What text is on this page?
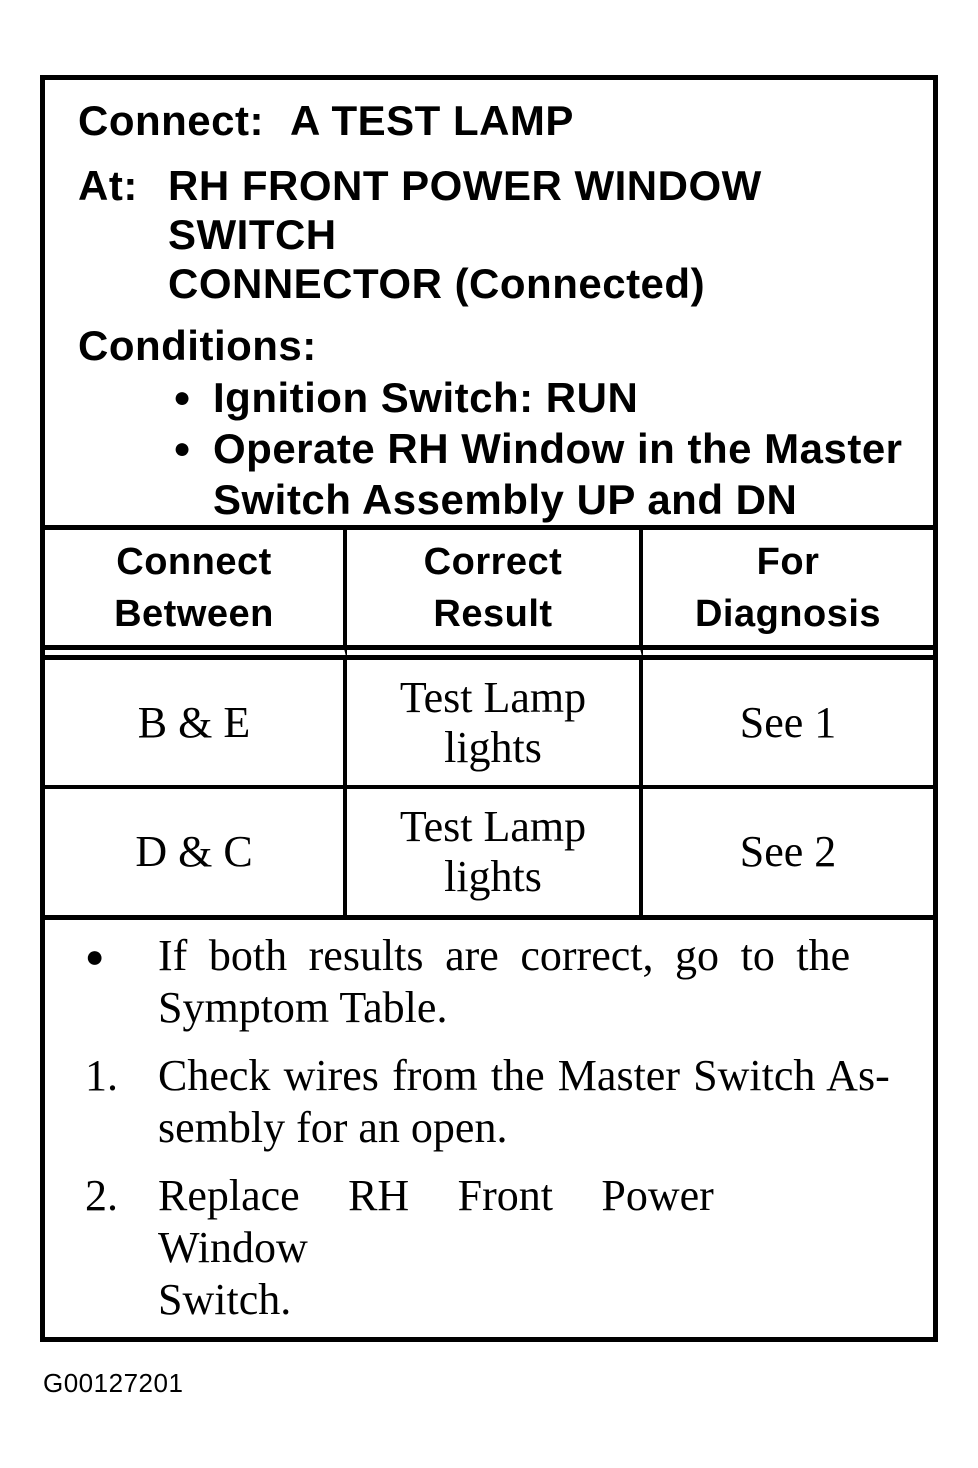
Connect: A TEST LAMP
At: RH FRONT POWER WINDOW
SWITCH
CONNECTOR (Connected)
Conditions:
● Ignition Switch: RUN
● Operate RH Window in the Master
Switch Assembly UP and DN
Connect
Between
Correct
Result
For
Diagnosis
B & E
Test Lamp
lights
See 1
D & C
Test Lamp
lights
See 2
●	If both results are correct, go to the
Symptom Table.
1. Check wires from the Master Switch As-
sembly for an open.
2. Replace RH Front Power Window
Switch.
G00127201
